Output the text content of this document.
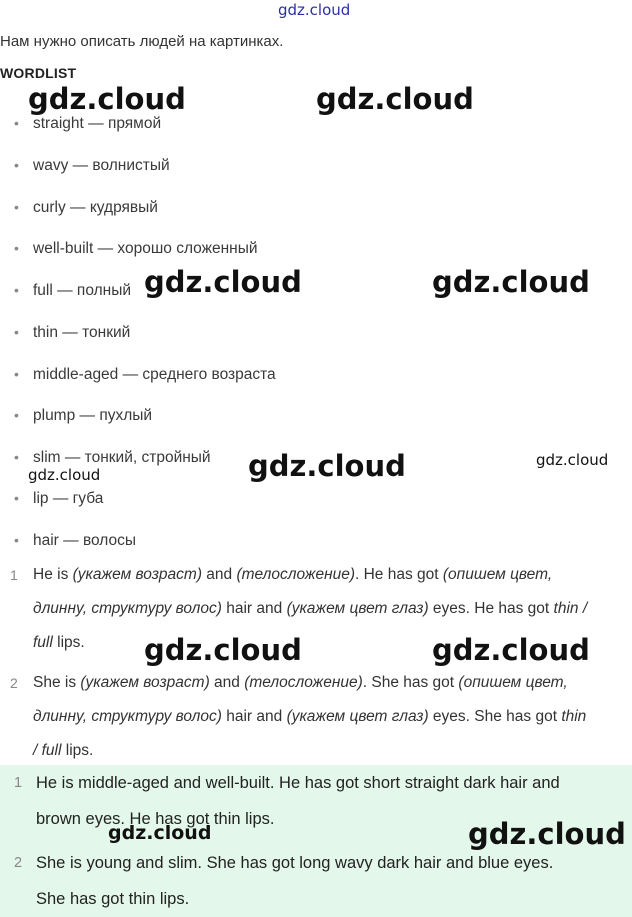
Нам нужно описать людей на картинках.
WORDLIST
• straight — прямой
• wavy — волнистый
• curly — кудрявый
• well-built — хорошо сложенный
• full — полный
• thin — тонкий
• middle-aged — среднего возраста
• plump — пухлый
• slim — тонкий, стройный
• lip — губа
• hair — волосы
1 He is (укажем возраст) and (телосложение). He has got (опишем цвет,
длинну, структуру волос) hair and (укажем цвет глаз) eyes. He has got thin /
full lips.
2 She is (укажем возраст) and (телосложение). She has got (опишем цвет,
длинну, структуру волос) hair and (укажем цвет глаз) eyes. She has got thin
/ full lips.
1 He is middle-aged and well-built. He has got short straight dark hair and
brown eyes. He has got thin lips.
2 She is young and slim. She has got long wavy dark hair and blue eyes.
She has got thin lips.
gdz.cloud
gdz.cloud	gdz.cloud
gdz.cloud	gdz.cloud
gdz.cloud	gdz.cloud
gdz.cloud
gdz.cloud	gdz.cloud
gdz.cloud	gdz.cloud
